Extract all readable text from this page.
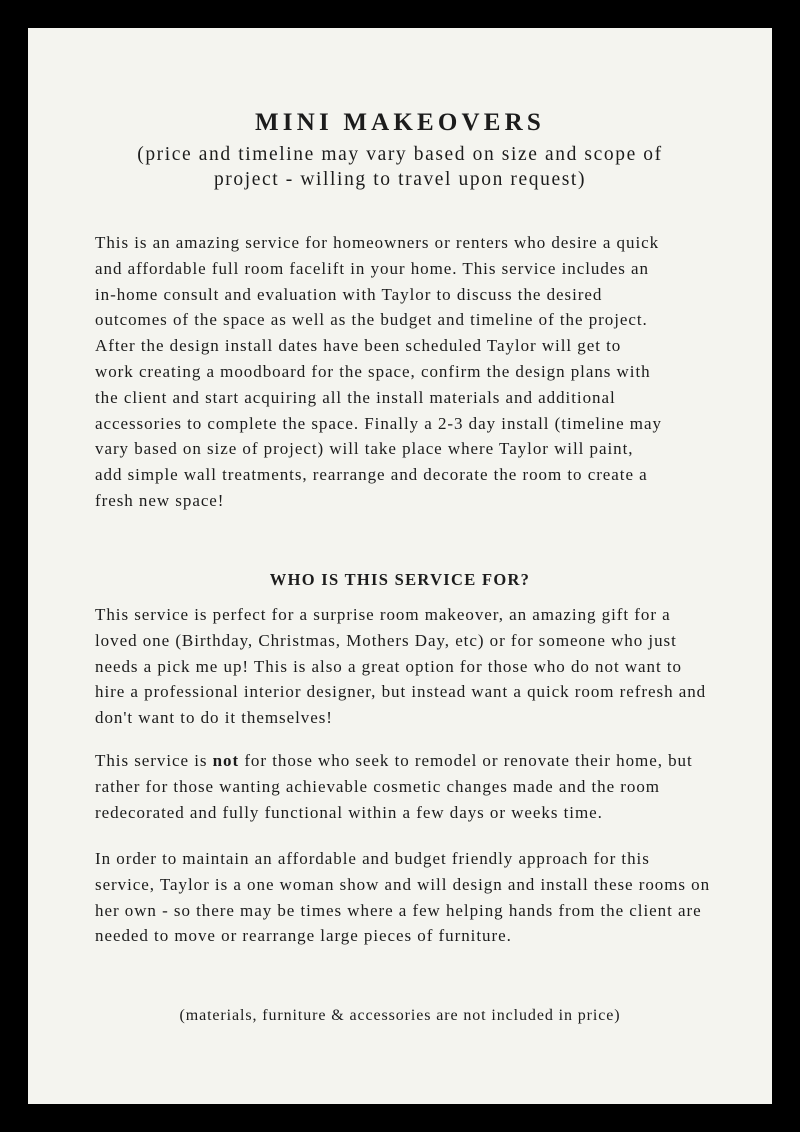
MINI MAKEOVERS

(price and timeline may vary based on size and scope of
project - willing to travel upon request)

This is an amazing service for homeowners or renters who desire a quick
and affordable full room facelift in your home. This service includes an
in-home consult and evaluation with Taylor to discuss the desired
outcomes of the space as well as the budget and timeline of the project.
After the design install dates have been scheduled Taylor will get to
work creating a moodboard for the space, confirm the design plans with
the client and start acquiring all the install materials and additional
accessories to complete the space. Finally a 2-3 day install (timeline may
vary based on size of project) will take place where Taylor will paint,
add simple wall treatments, rearrange and decorate the room to create a
fresh new space!

WHO IS THIS SERVICE FOR?

This service is perfect for a surprise room makeover, an amazing gift for a
loved one (Birthday, Christmas, Mothers Day, etc) or for someone who just
needs a pick me up! This is also a great option for those who do not want to
hire a professional interior designer, but instead want a quick room refresh and
don't want to do it themselves!

This service is not for those who seek to remodel or renovate their home, but
rather for those wanting achievable cosmetic changes made and the room
redecorated and fully functional within a few days or weeks time.

In order to maintain an affordable and budget friendly approach for this
service, Taylor is a one woman show and will design and install these rooms on
her own - so there may be times where a few helping hands from the client are
needed to move or rearrange large pieces of furniture.

(materials, furniture & accessories are not included in price)
